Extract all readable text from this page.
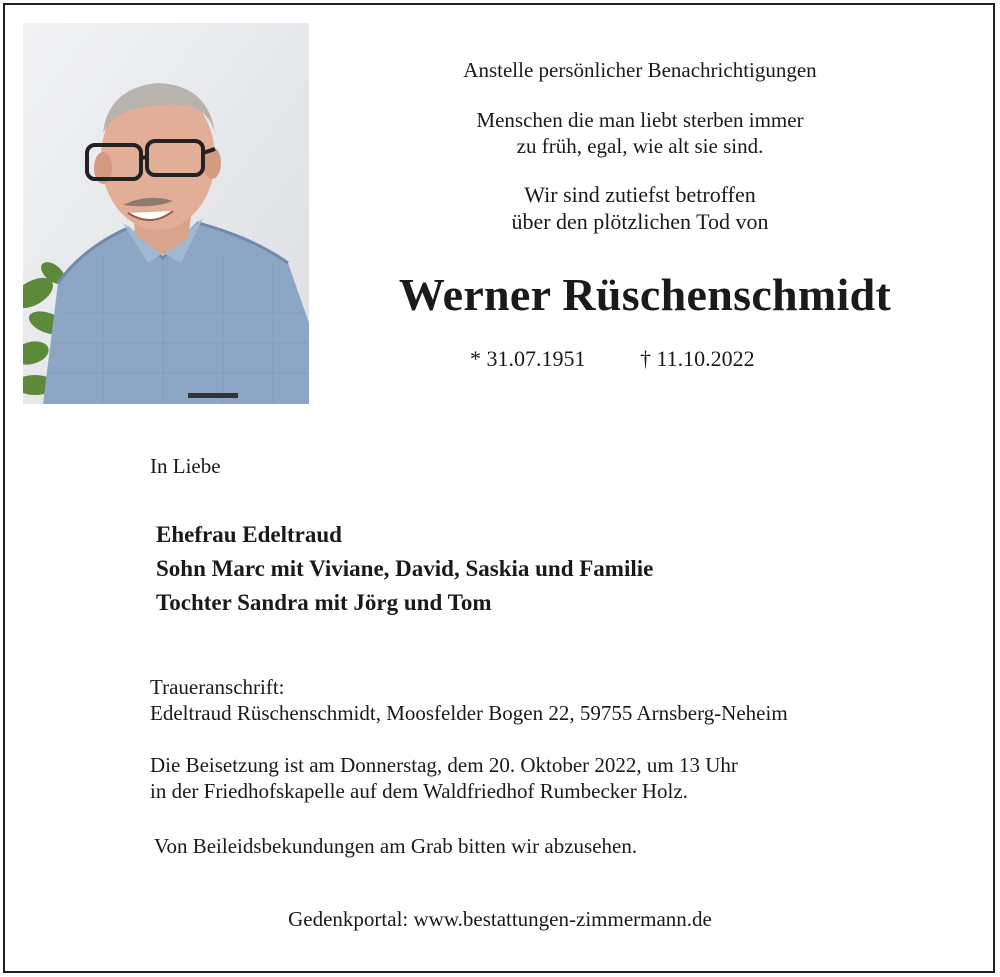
Anstelle persönlicher Benachrichtigungen
Menschen die man liebt sterben immer
zu früh, egal, wie alt sie sind.
Wir sind zutiefst betroffen
über den plötzlichen Tod von
Werner Rüschenschmidt
* 31.07.1951 † 11.10.2022
In Liebe
Ehefrau Edeltraud
Sohn Marc mit Viviane, David, Saskia und Familie
Tochter Sandra mit Jörg und Tom
Traueranschrift:
Edeltraud Rüschenschmidt, Moosfelder Bogen 22, 59755 Arnsberg-Neheim
Die Beisetzung ist am Donnerstag, dem 20. Oktober 2022, um 13 Uhr
in der Friedhofskapelle auf dem Waldfriedhof Rumbecker Holz.
Von Beileidsbekundungen am Grab bitten wir abzusehen.
Gedenkportal: www.bestattungen-zimmermann.de
